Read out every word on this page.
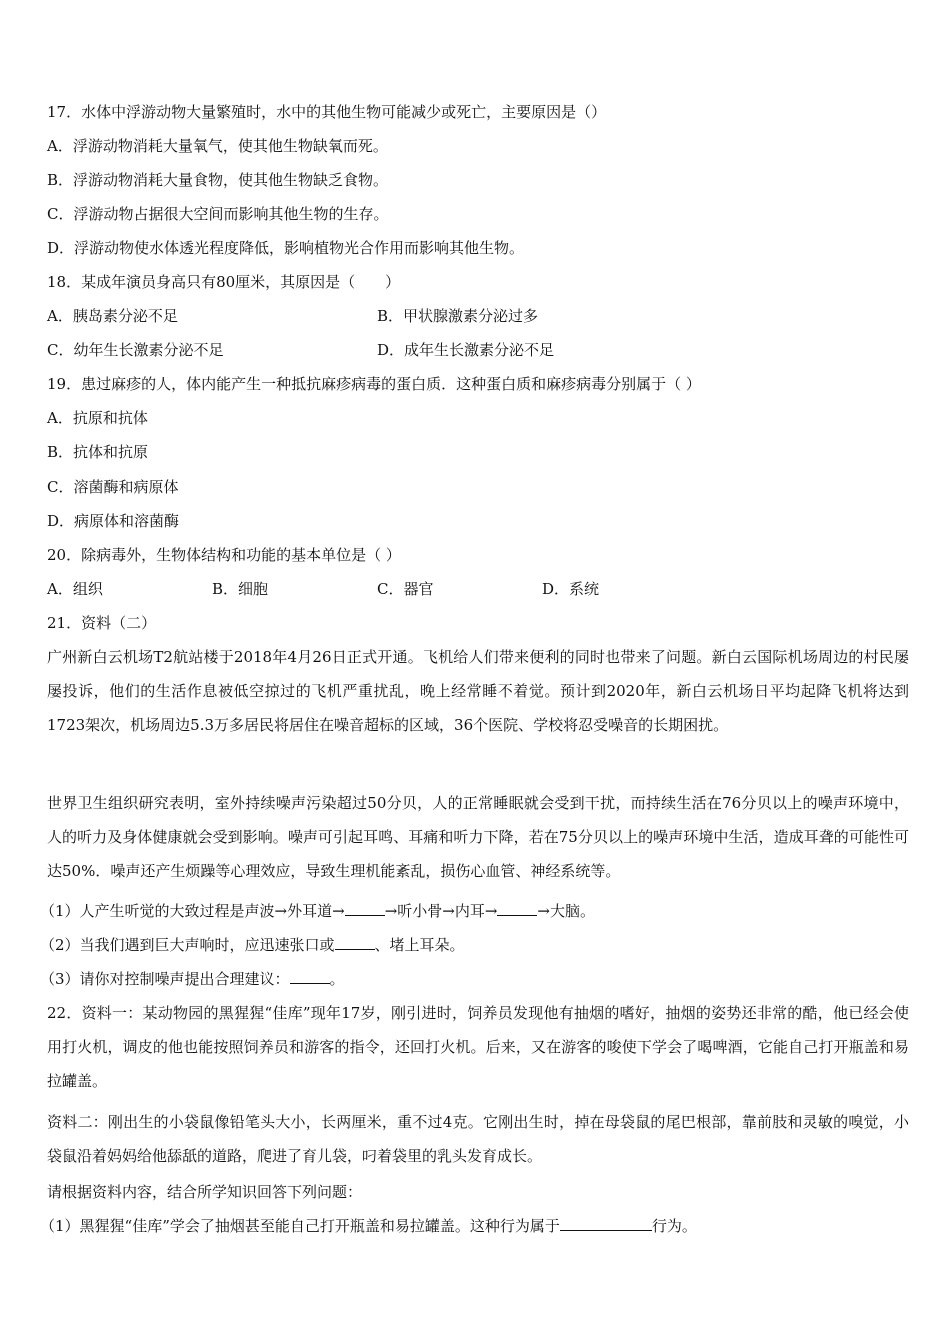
17．水体中浮游动物大量繁殖时，水中的其他生物可能减少或死亡，主要原因是（）
A．浮游动物消耗大量氧气，使其他生物缺氧而死。
B．浮游动物消耗大量食物，使其他生物缺乏食物。
C．浮游动物占据很大空间而影响其他生物的生存。
D．浮游动物使水体透光程度降低，影响植物光合作用而影响其他生物。
18．某成年演员身高只有80厘米，其原因是（　　）
A．胰岛素分泌不足	B．甲状腺激素分泌过多
C．幼年生长激素分泌不足	D．成年生长激素分泌不足
19．患过麻疹的人，体内能产生一种抵抗麻疹病毒的蛋白质．这种蛋白质和麻疹病毒分别属于（ ）
A．抗原和抗体
B．抗体和抗原
C．溶菌酶和病原体
D．病原体和溶菌酶
20．除病毒外，生物体结构和功能的基本单位是（ ）
A．组织	B．细胞	C．器官	D．系统
21．资料（二）
广州新白云机场T2航站楼于2018年4月26日正式开通。飞机给人们带来便利的同时也带来了问题。新白云国际机场周边的村民屡屡投诉，他们的生活作息被低空掠过的飞机严重扰乱，晚上经常睡不着觉。预计到2020年，新白云机场日平均起降飞机将达到1723架次，机场周边5.3万多居民将居住在噪音超标的区域，36个医院、学校将忍受噪音的长期困扰。
世界卫生组织研究表明，室外持续噪声污染超过50分贝，人的正常睡眠就会受到干扰，而持续生活在76分贝以上的噪声环境中，人的听力及身体健康就会受到影响。噪声可引起耳鸣、耳痛和听力下降，若在75分贝以上的噪声环境中生活，造成耳聋的可能性可达50%．噪声还产生烦躁等心理效应，导致生理机能紊乱，损伤心血管、神经系统等。
（1）人产生听觉的大致过程是声波→外耳道→	→听小骨→内耳→	→大脑。
（2）当我们遇到巨大声响时，应迅速张口或	、堵上耳朵。
（3）请你对控制噪声提出合理建议：	。
22．资料一：某动物园的黑猩猩“佳库”现年17岁，刚引进时，饲养员发现他有抽烟的嗜好，抽烟的姿势还非常的酷，他已经会使用打火机，调皮的他也能按照饲养员和游客的指令，还回打火机。后来，又在游客的唆使下学会了喝啤酒，它能自己打开瓶盖和易拉罐盖。
资料二：刚出生的小袋鼠像铅笔头大小，长两厘米，重不过4克。它刚出生时，掉在母袋鼠的尾巴根部，靠前肢和灵敏的嗅觉，小袋鼠沿着妈妈给他舔舐的道路，爬进了育儿袋，叼着袋里的乳头发育成长。
请根据资料内容，结合所学知识回答下列问题：
（1）黑猩猩“佳库”学会了抽烟甚至能自己打开瓶盖和易拉罐盖。这种行为属于	行为。
